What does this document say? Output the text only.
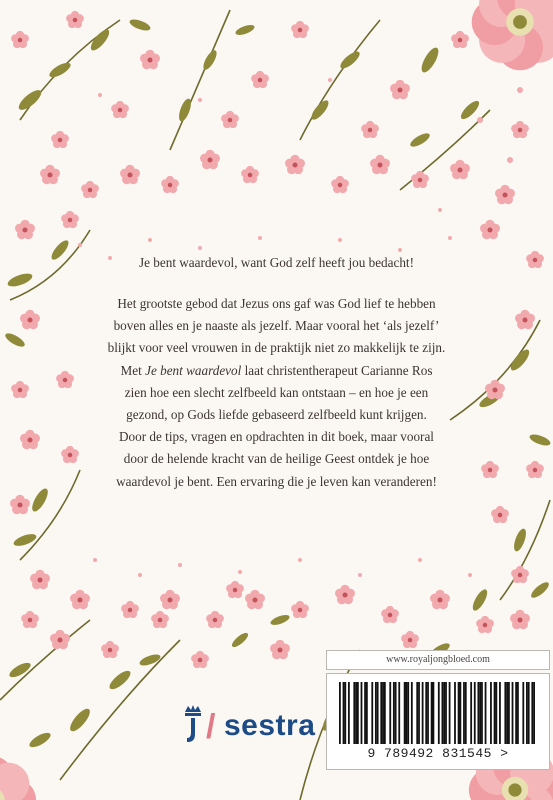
Je bent waardevol, want God zelf heeft jou bedacht!
Het grootste gebod dat Jezus ons gaf was God lief te hebben
boven alles en je naaste als jezelf. Maar vooral het ‘als jezelf’
blijkt voor veel vrouwen in de praktijk niet zo makkelijk te zijn.
Met Je bent waardevol laat christentherapeut Carianne Ros
zien hoe een slecht zelfbeeld kan ontstaan – en hoe je een
gezond, op Gods liefde gebaseerd zelfbeeld kunt krijgen.
Door de tips, vragen en opdrachten in dit boek, maar vooral
door de helende kracht van de heilige Geest ontdek je hoe
waardevol je bent. Een ervaring die je leven kan veranderen!
/ sestra
www.royaljongbloed.com
9 789492 831545 >
